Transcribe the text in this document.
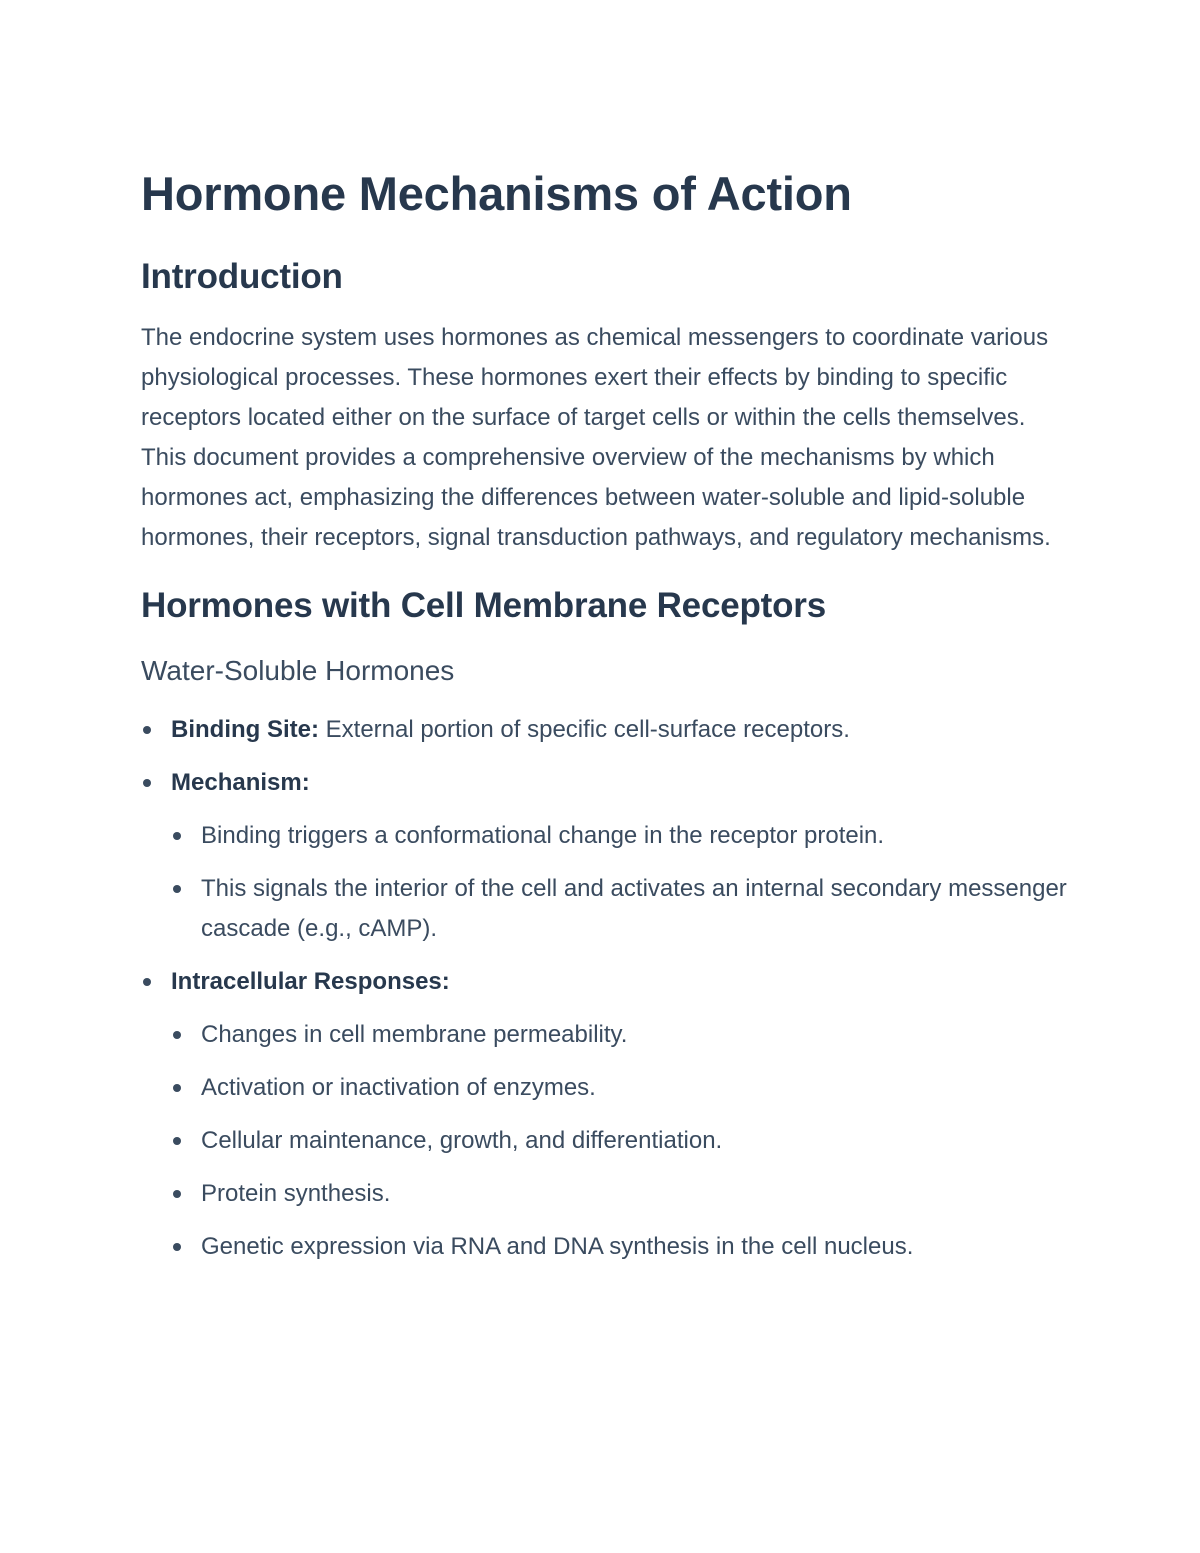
Hormone Mechanisms of Action
Introduction

The endocrine system uses hormones as chemical messengers to coordinate various physiological processes. These hormones exert their effects by binding to specific receptors located either on the surface of target cells or within the cells themselves. This document provides a comprehensive overview of the mechanisms by which hormones act, emphasizing the differences between water-soluble and lipid-soluble hormones, their receptors, signal transduction pathways, and regulatory mechanisms.

Hormones with Cell Membrane Receptors
Water-Soluble Hormones
Binding Site: External portion of specific cell-surface receptors.
Mechanism:
Binding triggers a conformational change in the receptor protein.
This signals the interior of the cell and activates an internal secondary messenger cascade (e.g., cAMP).
Intracellular Responses:
Changes in cell membrane permeability.
Activation or inactivation of enzymes.
Cellular maintenance, growth, and differentiation.
Protein synthesis.
Genetic expression via RNA and DNA synthesis in the cell nucleus.
